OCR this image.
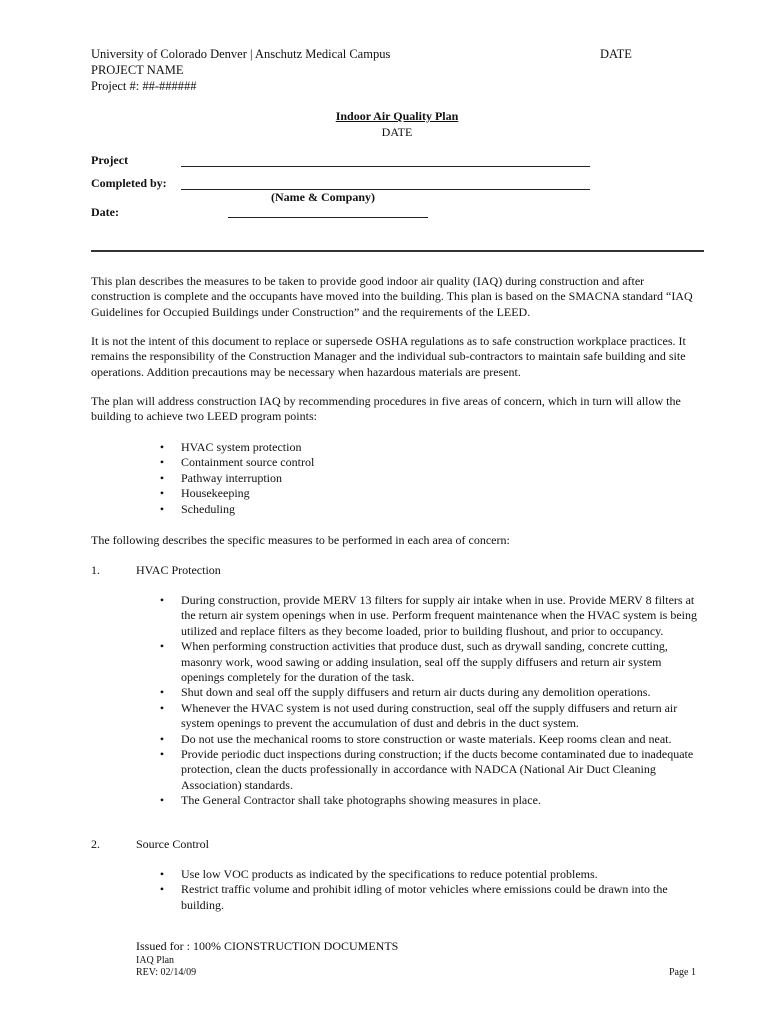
University of Colorado Denver | Anschutz Medical Campus
PROJECT NAME
Project #: ##-######
DATE
Indoor Air Quality Plan
DATE
Project
Completed by:
(Name & Company)
Date:
This plan describes the measures to be taken to provide good indoor air quality (IAQ) during construction and after construction is complete and the occupants have moved into the building. This plan is based on the SMACNA standard “IAQ Guidelines for Occupied Buildings under Construction” and the requirements of the LEED.
It is not the intent of this document to replace or supersede OSHA regulations as to safe construction workplace practices. It remains the responsibility of the Construction Manager and the individual sub-contractors to maintain safe building and site operations. Addition precautions may be necessary when hazardous materials are present.
The plan will address construction IAQ by recommending procedures in five areas of concern, which in turn will allow the building to achieve two LEED program points:
• HVAC system protection
• Containment source control
• Pathway interruption
• Housekeeping
• Scheduling
The following describes the specific measures to be performed in each area of concern:
1.	HVAC Protection
• During construction, provide MERV 13 filters for supply air intake when in use. Provide MERV 8 filters at the return air system openings when in use. Perform frequent maintenance when the HVAC system is being utilized and replace filters as they become loaded, prior to building flushout, and prior to occupancy.
• When performing construction activities that produce dust, such as drywall sanding, concrete cutting, masonry work, wood sawing or adding insulation, seal off the supply diffusers and return air system openings completely for the duration of the task.
• Shut down and seal off the supply diffusers and return air ducts during any demolition operations.
• Whenever the HVAC system is not used during construction, seal off the supply diffusers and return air system openings to prevent the accumulation of dust and debris in the duct system.
• Do not use the mechanical rooms to store construction or waste materials. Keep rooms clean and neat.
• Provide periodic duct inspections during construction; if the ducts become contaminated due to inadequate protection, clean the ducts professionally in accordance with NADCA (National Air Duct Cleaning Association) standards.
• The General Contractor shall take photographs showing measures in place.
2.	Source Control
• Use low VOC products as indicated by the specifications to reduce potential problems.
• Restrict traffic volume and prohibit idling of motor vehicles where emissions could be drawn into the building.
Issued for : 100% CIONSTRUCTION DOCUMENTS
IAQ Plan
REV: 02/14/09	Page 1
